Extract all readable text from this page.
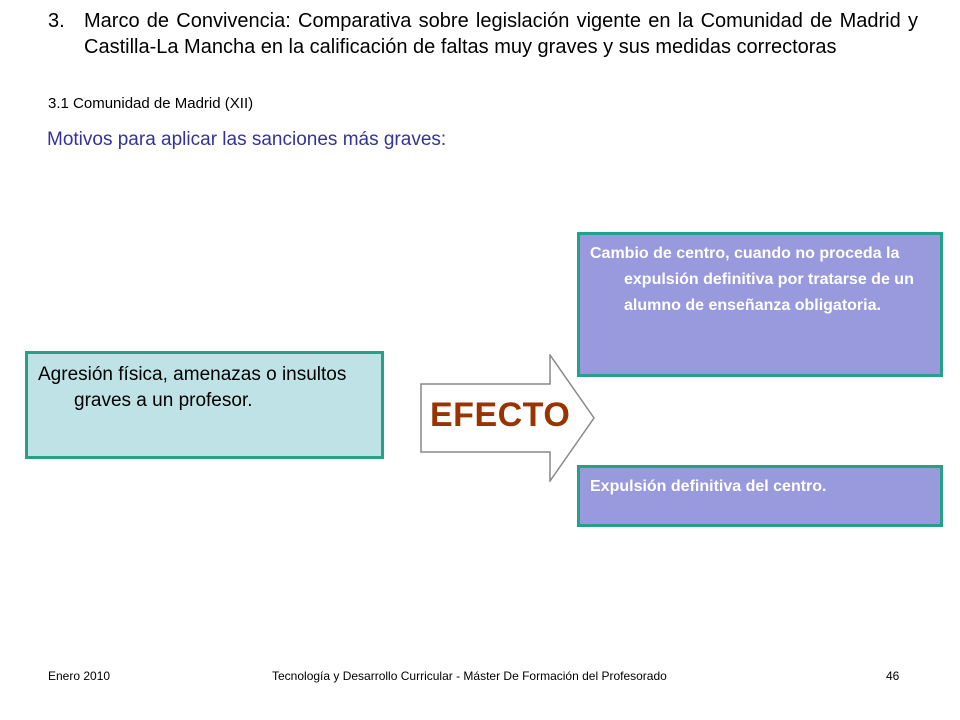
3. Marco de Convivencia: Comparativa sobre legislación vigente en la Comunidad de Madrid y Castilla-La Mancha en la calificación de faltas muy graves y sus medidas correctoras
3.1 Comunidad de Madrid (XII)
Motivos para aplicar las sanciones más graves:
Agresión física, amenazas o insultos graves a un profesor.	EFECTO
Cambio de centro, cuando no proceda la expulsión definitiva por tratarse de un alumno de enseñanza obligatoria.
Expulsión definitiva del centro.
Enero 2010	Tecnología y Desarrollo Curricular - Máster De Formación del Profesorado	46
